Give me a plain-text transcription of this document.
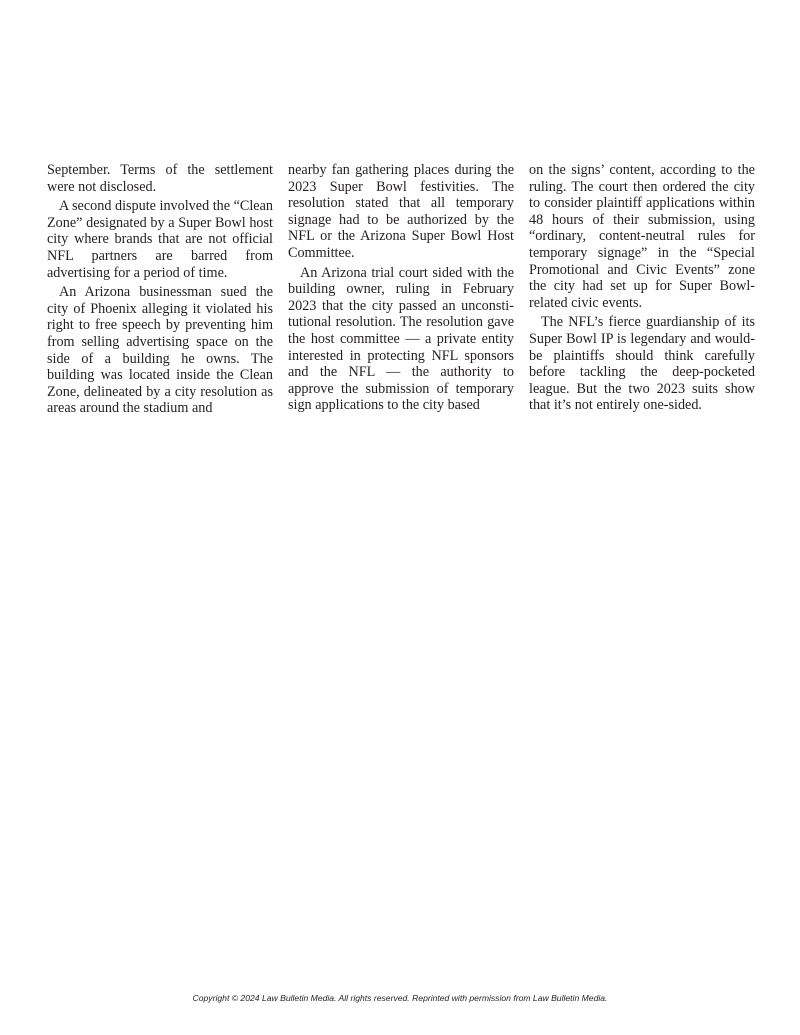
September. Terms of the settlement were not disclosed.

A second dispute involved the “Clean Zone” designated by a Super Bowl host city where brands that are not official NFL partners are barred from advertising for a period of time.

An Arizona businessman sued the city of Phoenix alleging it violated his right to free speech by preventing him from selling advertising space on the side of a building he owns. The building was located inside the Clean Zone, delineated by a city resolution as areas around the stadium and

nearby fan gathering places during the 2023 Super Bowl festivities. The resolution stated that all temporary signage had to be authorized by the NFL or the Arizona Super Bowl Host Committee.

An Arizona trial court sided with the building owner, ruling in February 2023 that the city passed an unconstitutional resolution. The resolution gave the host committee — a private entity interested in protecting NFL sponsors and the NFL — the authority to approve the submission of temporary sign applications to the city based

on the signs’ content, according to the ruling. The court then ordered the city to consider plaintiff applications within 48 hours of their submission, using “ordinary, content-neutral rules for temporary signage” in the “Special Promotional and Civic Events” zone the city had set up for Super Bowl-related civic events.

The NFL’s fierce guardianship of its Super Bowl IP is legendary and would-be plaintiffs should think carefully before tackling the deep-pocketed league. But the two 2023 suits show that it’s not entirely one-sided.

Copyright © 2024 Law Bulletin Media. All rights reserved. Reprinted with permission from Law Bulletin Media.
